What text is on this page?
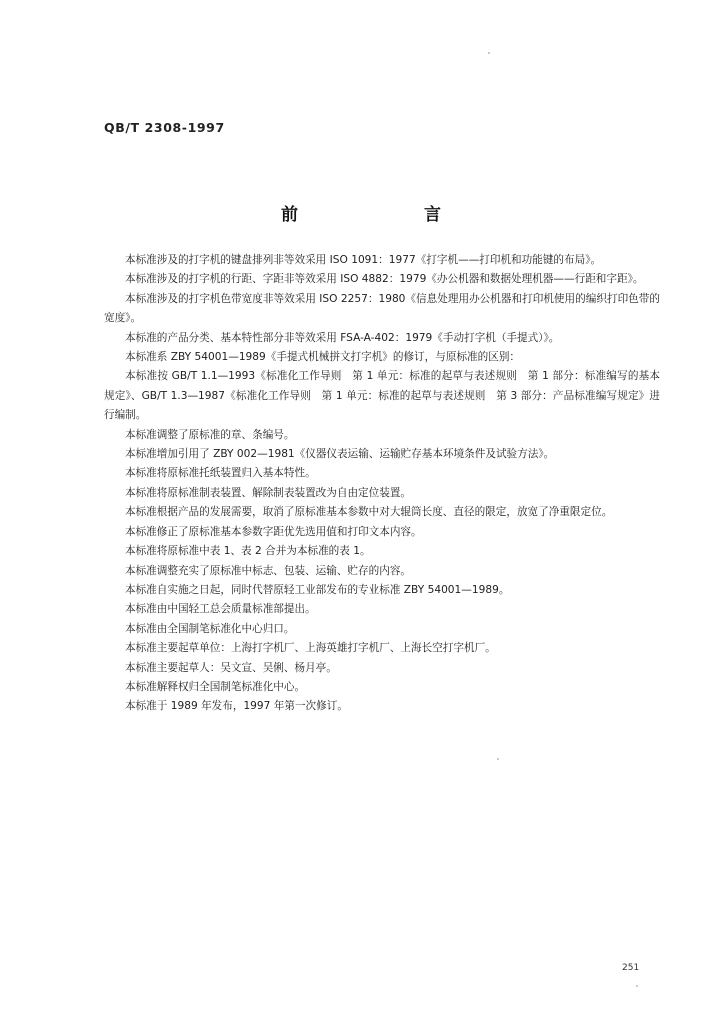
QB/T 2308-1997
前 言

本标准涉及的打字机的键盘排列非等效采用 ISO 1091：1977《打字机——打印机和功能键的布局》。

本标准涉及的打字机的行距、字距非等效采用 ISO 4882：1979《办公机器和数据处理机器——行距和字距》。

本标准涉及的打字机色带宽度非等效采用 ISO 2257：1980《信息处理用办公机器和打印机使用的编织打印色带的宽度》。

本标准的产品分类、基本特性部分非等效采用 FSA-A-402：1979《手动打字机（手提式）》。

本标准系 ZBY 54001—1989《手提式机械拼文打字机》的修订，与原标准的区别：

本标准按 GB/T 1.1—1993《标准化工作导则　第 1 单元：标准的起草与表述规则　第 1 部分：标准编写的基本规定》、GB/T 1.3—1987《标准化工作导则　第 1 单元：标准的起草与表述规则　第 3 部分：产品标准编写规定》进行编制。

本标准调整了原标准的章、条编号。

本标准增加引用了 ZBY 002—1981《仪器仪表运输、运输贮存基本环境条件及试验方法》。

本标准将原标准托纸装置归入基本特性。

本标准将原标准制表装置、解除制表装置改为自由定位装置。

本标准根据产品的发展需要，取消了原标准基本参数中对大辊筒长度、直径的限定，放宽了净重限定位。

本标准修正了原标准基本参数字距优先选用值和打印文本内容。

本标准将原标准中表 1、表 2 合并为本标准的表 1。

本标准调整充实了原标准中标志、包装、运输、贮存的内容。

本标准自实施之日起，同时代替原轻工业部发布的专业标准 ZBY 54001—1989。

本标准由中国轻工总会质量标准部提出。

本标准由全国制笔标准化中心归口。

本标准主要起草单位：上海打字机厂、上海英雄打字机厂、上海长空打字机厂。

本标准主要起草人：吴文宣、吴俐、杨月亭。

本标准解释权归全国制笔标准化中心。

本标准于 1989 年发布，1997 年第一次修订。

251
